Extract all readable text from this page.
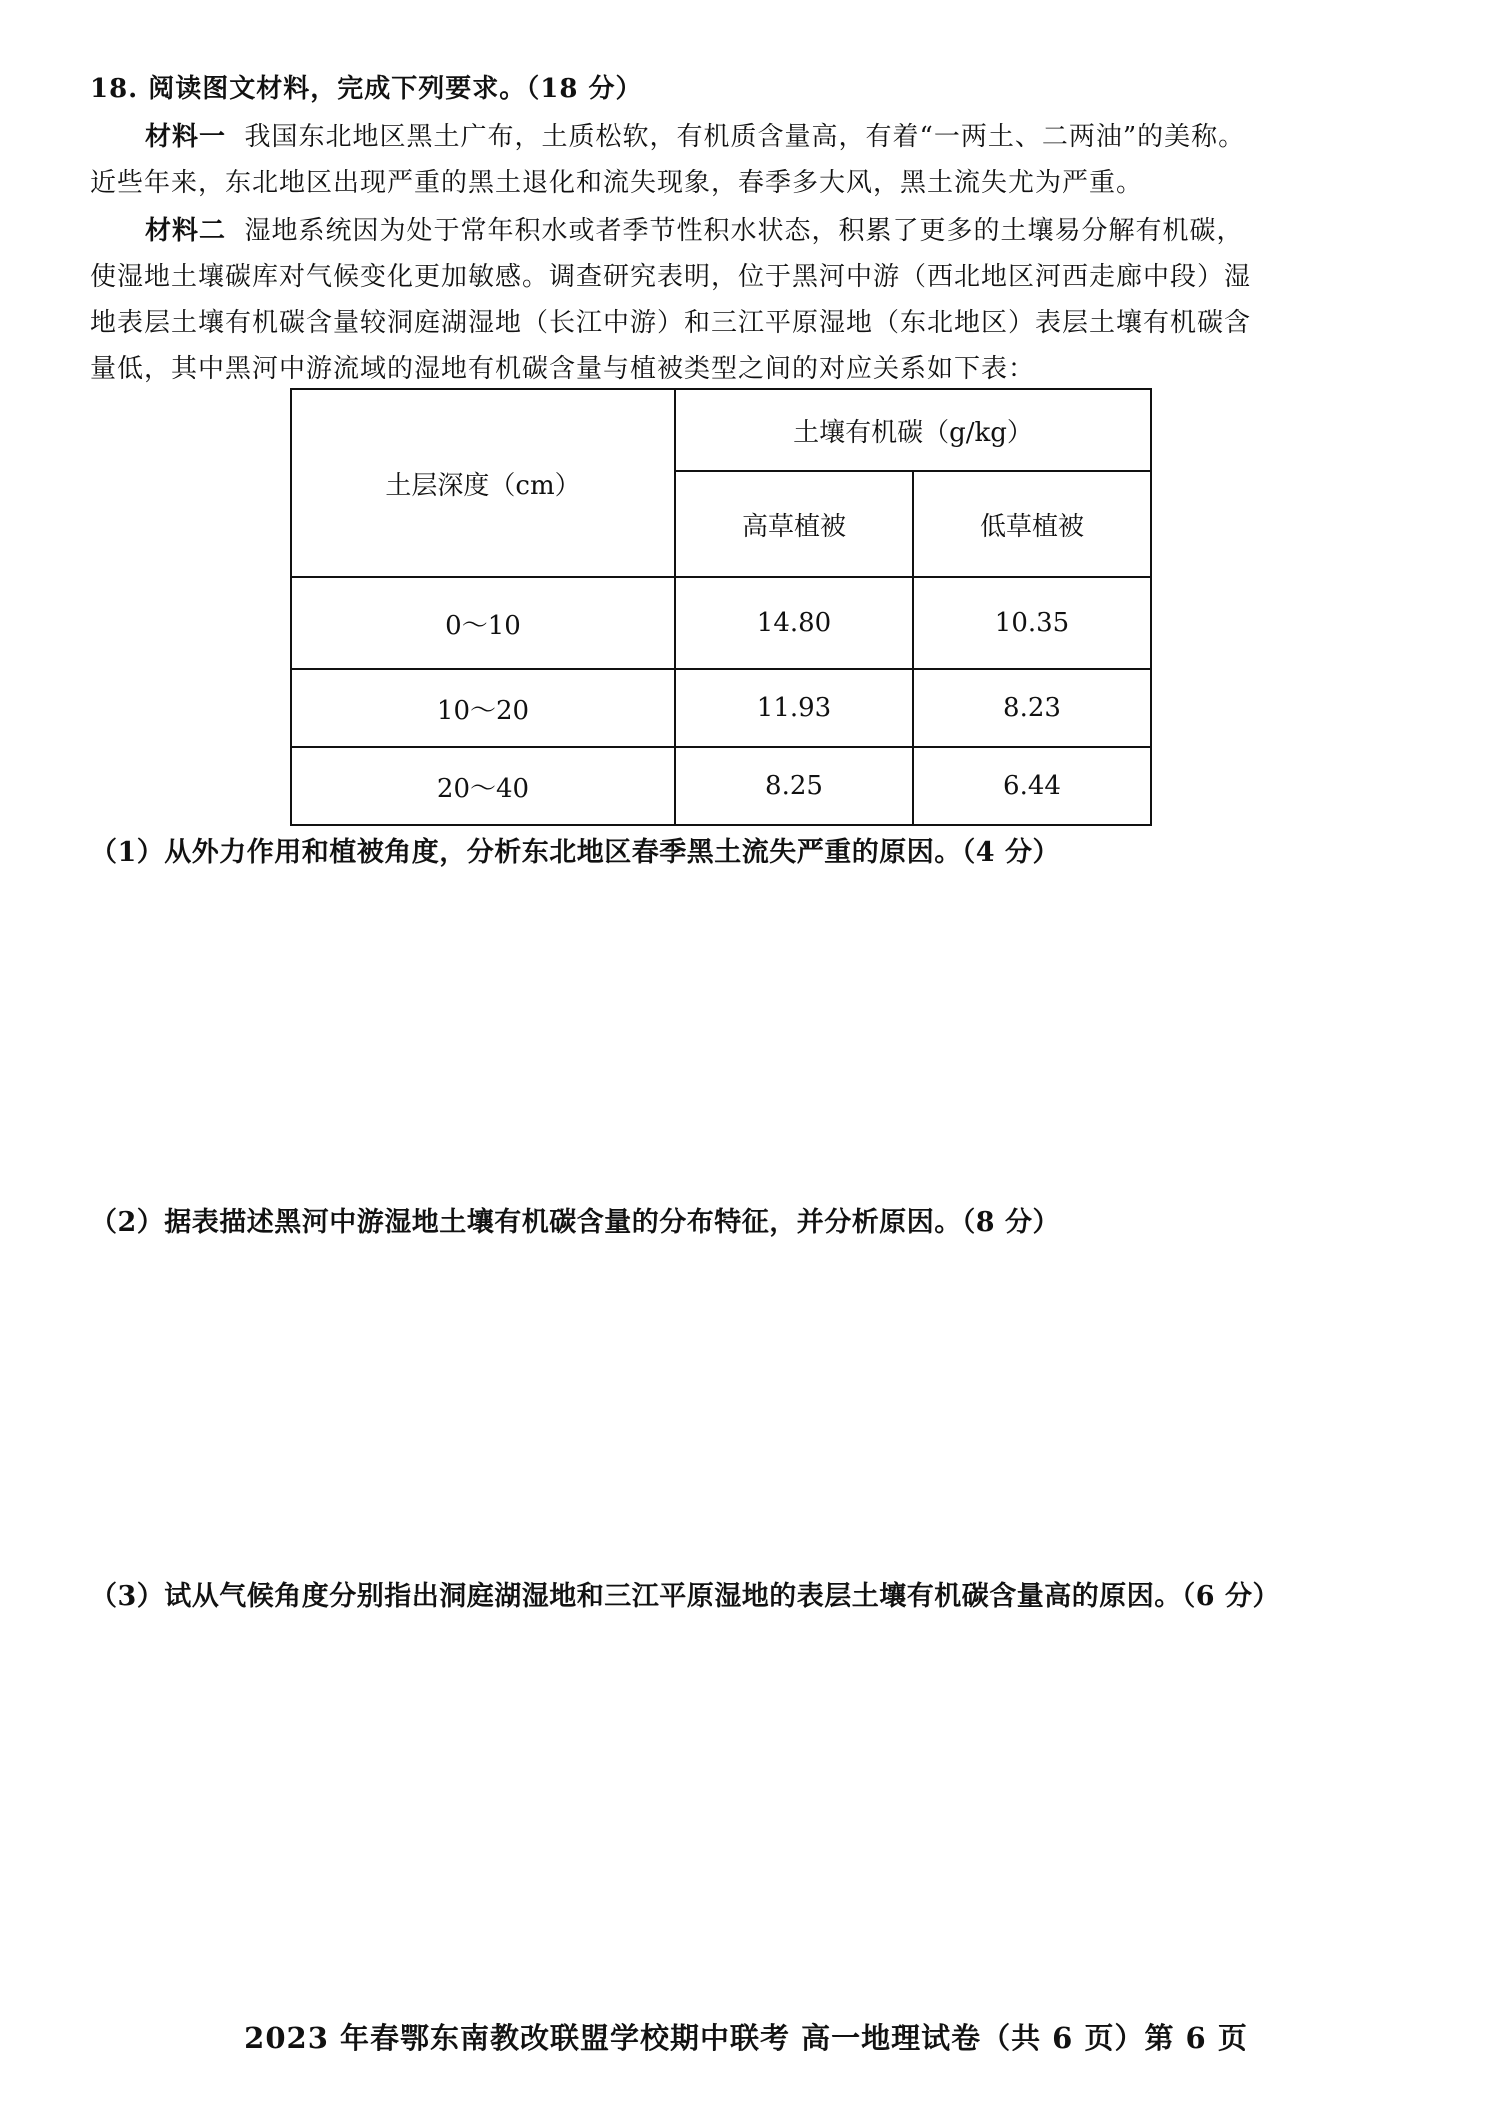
18. 阅读图文材料，完成下列要求。（18 分）
材料一 我国东北地区黑土广布，土质松软，有机质含量高，有着“一两土、二两油”的美称。
近些年来，东北地区出现严重的黑土退化和流失现象，春季多大风，黑土流失尤为严重。
材料二 湿地系统因为处于常年积水或者季节性积水状态，积累了更多的土壤易分解有机碳，
使湿地土壤碳库对气候变化更加敏感。调查研究表明，位于黑河中游（西北地区河西走廊中段）湿
地表层土壤有机碳含量较洞庭湖湿地（长江中游）和三江平原湿地（东北地区）表层土壤有机碳含
量低，其中黑河中游流域的湿地有机碳含量与植被类型之间的对应关系如下表：
土层深度（cm）	土壤有机碳（g/kg）	
	高草植被	低草植被
0～10	14.80	10.35
10～20	11.93	8.23
20～40	8.25	6.44
（1）从外力作用和植被角度，分析东北地区春季黑土流失严重的原因。（4 分）
（2）据表描述黑河中游湿地土壤有机碳含量的分布特征，并分析原因。（8 分）
（3）试从气候角度分别指出洞庭湖湿地和三江平原湿地的表层土壤有机碳含量高的原因。（6 分）
2023 年春鄂东南教改联盟学校期中联考 高一地理试卷（共 6 页）第 6 页
